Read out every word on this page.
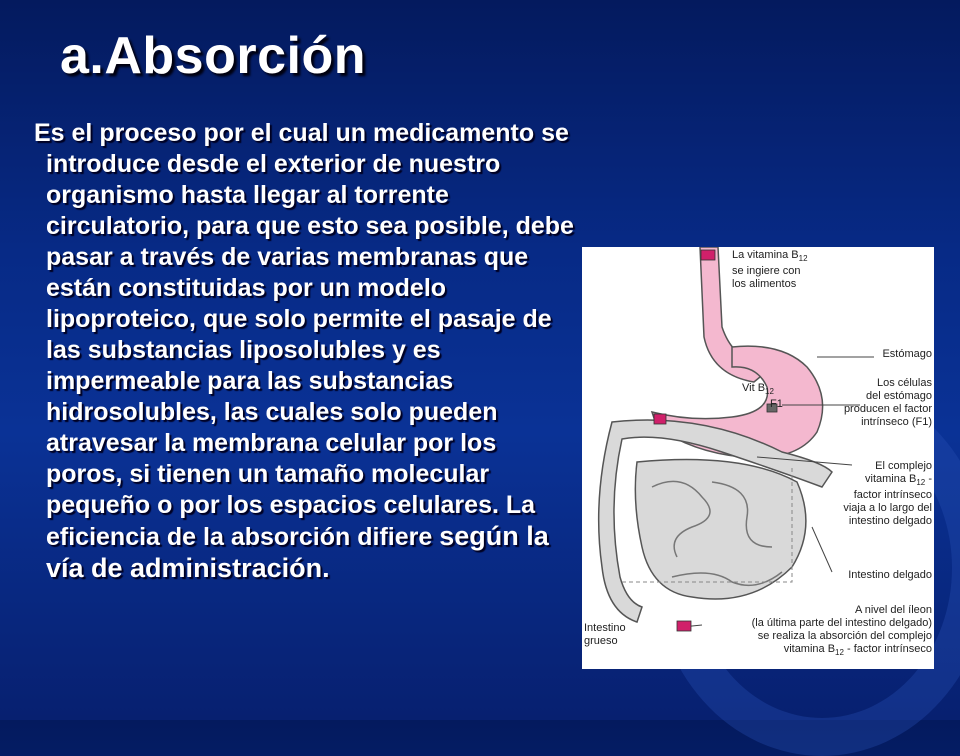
a.Absorción

Es el proceso por el cual un medicamento se introduce desde el exterior de nuestro organismo hasta llegar al torrente circulatorio, para que esto sea posible, debe pasar a través de varias membranas que están constituidas por un modelo lipoproteico, que solo permite el pasaje de las substancias liposolubles y es impermeable para las substancias hidrosolubles, las cuales solo pueden atravesar la membrana celular por los poros, si tienen un tamaño molecular pequeño o por los espacios celulares. La eficiencia de la absorción difiere según la vía de administración.

La vitamina $B_{12}$
se ingiere con
los alimentos
Estómago
Vit $B_{12}$
F1
Los células
del estómago
producen el factor
intrínseco (F1)
El complejo
vitamina $B_{12}$ -
factor intrínseco
viaja a lo largo del
intestino delgado
Intestino delgado
A nivel del íleon
(la última parte del intestino delgado)
se realiza la absorción del complejo
vitamina $B_{12}$ - factor intrínseco
Intestino
grueso
